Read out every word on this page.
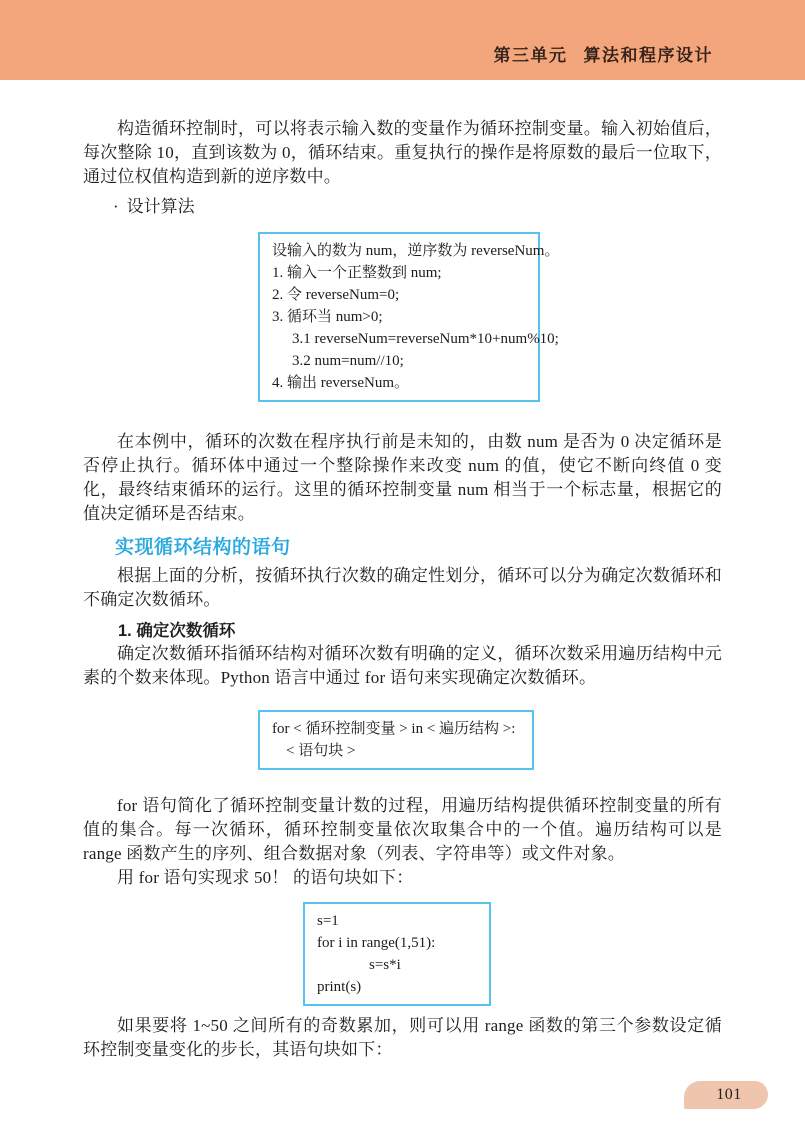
第三单元 算法和程序设计

构造循环控制时，可以将表示输入数的变量作为循环控制变量。输入初始值后，每次整除 10，直到该数为 0，循环结束。重复执行的操作是将原数的最后一位取下，通过位权值构造到新的逆序数中。

· 设计算法
设输入的数为 num，逆序数为 reverseNum。
1. 输入一个正整数到 num;
2. 令 reverseNum=0;
3. 循环当 num>0;
3.1 reverseNum=reverseNum*10+num%10;
3.2 num=num//10;
4. 输出 reverseNum。

在本例中，循环的次数在程序执行前是未知的，由数 num 是否为 0 决定循环是否停止执行。循环体中通过一个整除操作来改变 num 的值，使它不断向终值 0 变化，最终结束循环的运行。这里的循环控制变量 num 相当于一个标志量，根据它的值决定循环是否结束。

实现循环结构的语句

根据上面的分析，按循环执行次数的确定性划分，循环可以分为确定次数循环和不确定次数循环。

1. 确定次数循环

确定次数循环指循环结构对循环次数有明确的定义，循环次数采用遍历结构中元素的个数来体现。Python 语言中通过 for 语句来实现确定次数循环。

for < 循环控制变量 > in < 遍历结构 >:
< 语句块 >

for 语句简化了循环控制变量计数的过程，用遍历结构提供循环控制变量的所有值的集合。每一次循环，循环控制变量依次取集合中的一个值。遍历结构可以是 range 函数产生的序列、组合数据对象（列表、字符串等）或文件对象。

用 for 语句实现求 50！ 的语句块如下：

s=1
for i in range(1,51):
s=s*i
print(s)

如果要将 1~50 之间所有的奇数累加，则可以用 range 函数的第三个参数设定循环控制变量变化的步长，其语句块如下：

101
